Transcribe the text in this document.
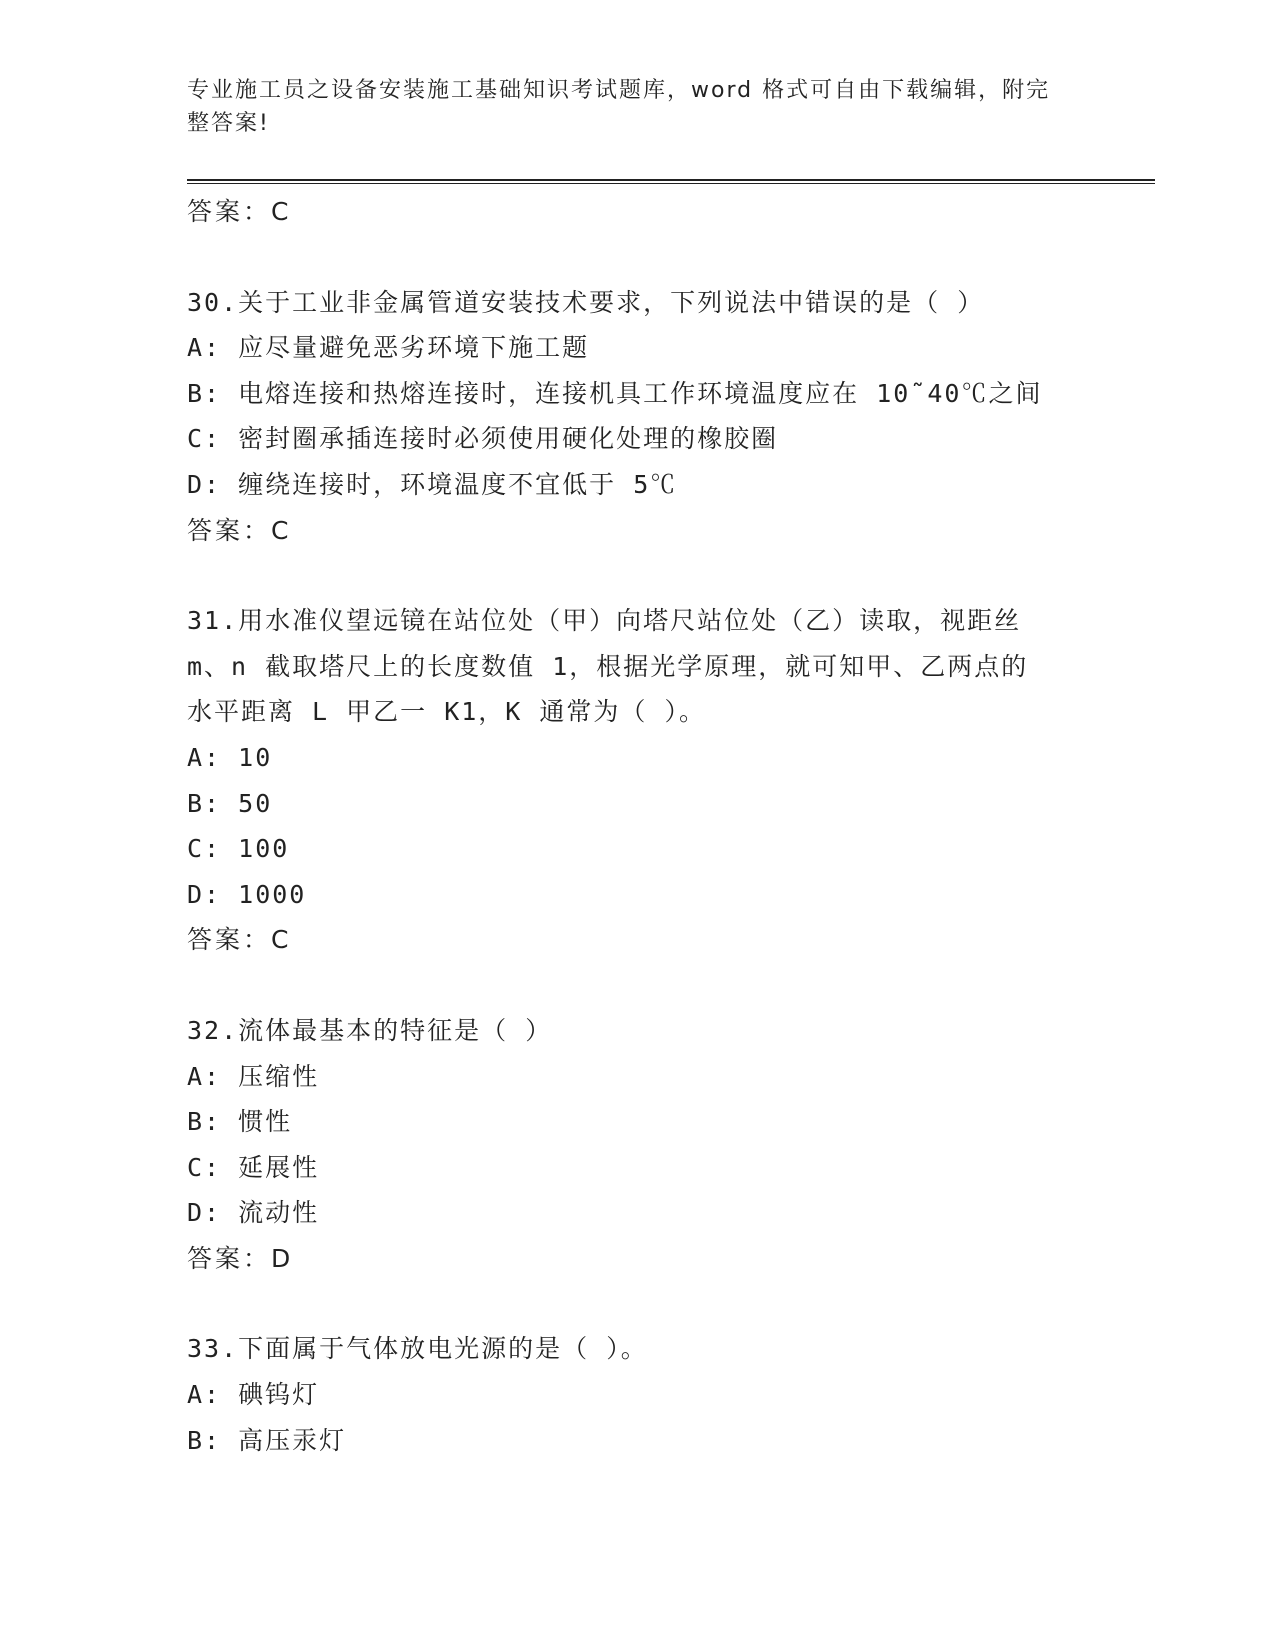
专业施工员之设备安装施工基础知识考试题库，word 格式可自由下载编辑，附完
整答案!
答案：C
30.关于工业非金属管道安装技术要求，下列说法中错误的是（ ）
A: 应尽量避免恶劣环境下施工题
B: 电熔连接和热熔连接时，连接机具工作环境温度应在 10˜40℃之间
C: 密封圈承插连接时必须使用硬化处理的橡胶圈
D: 缠绕连接时，环境温度不宜低于 5℃
答案：C
31.用水准仪望远镜在站位处（甲）向塔尺站位处（乙）读取，视距丝
m、n 截取塔尺上的长度数值 1，根据光学原理，就可知甲、乙两点的
水平距离 L 甲乙一 K1，K 通常为（ ）。
A: 10
B: 50
C: 100
D: 1000
答案：C
32.流体最基本的特征是（ ）
A: 压缩性
B: 惯性
C: 延展性
D: 流动性
答案：D
33.下面属于气体放电光源的是（ ）。
A: 碘钨灯
B: 高压汞灯
